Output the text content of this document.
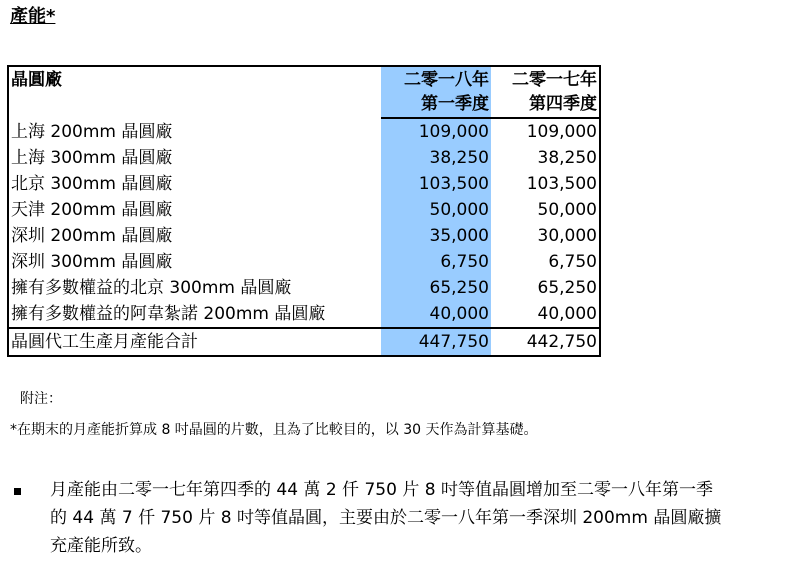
產能*
晶圓廠	二零一八年	二零一七年
	第一季度	第四季度
上海 200mm 晶圓廠	109,000	109,000
上海 300mm 晶圓廠	38,250	38,250
北京 300mm 晶圓廠	103,500	103,500
天津 200mm 晶圓廠	50,000	50,000
深圳 200mm 晶圓廠	35,000	30,000
深圳 300mm 晶圓廠	6,750	6,750
擁有多數權益的北京 300mm 晶圓廠	65,250	65,250
擁有多數權益的阿韋紮諾 200mm 晶圓廠	40,000	40,000
晶圓代工生產月產能合計	447,750	442,750
附注：
*在期末的月產能折算成 8 吋晶圓的片數，且為了比較目的，以 30 天作為計算基礎。
月產能由二零一七年第四季的 44 萬 2 仟 750 片 8 吋等值晶圓增加至二零一八年第一季
的 44 萬 7 仟 750 片 8 吋等值晶圓，主要由於二零一八年第一季深圳 200mm 晶圓廠擴
充產能所致。
